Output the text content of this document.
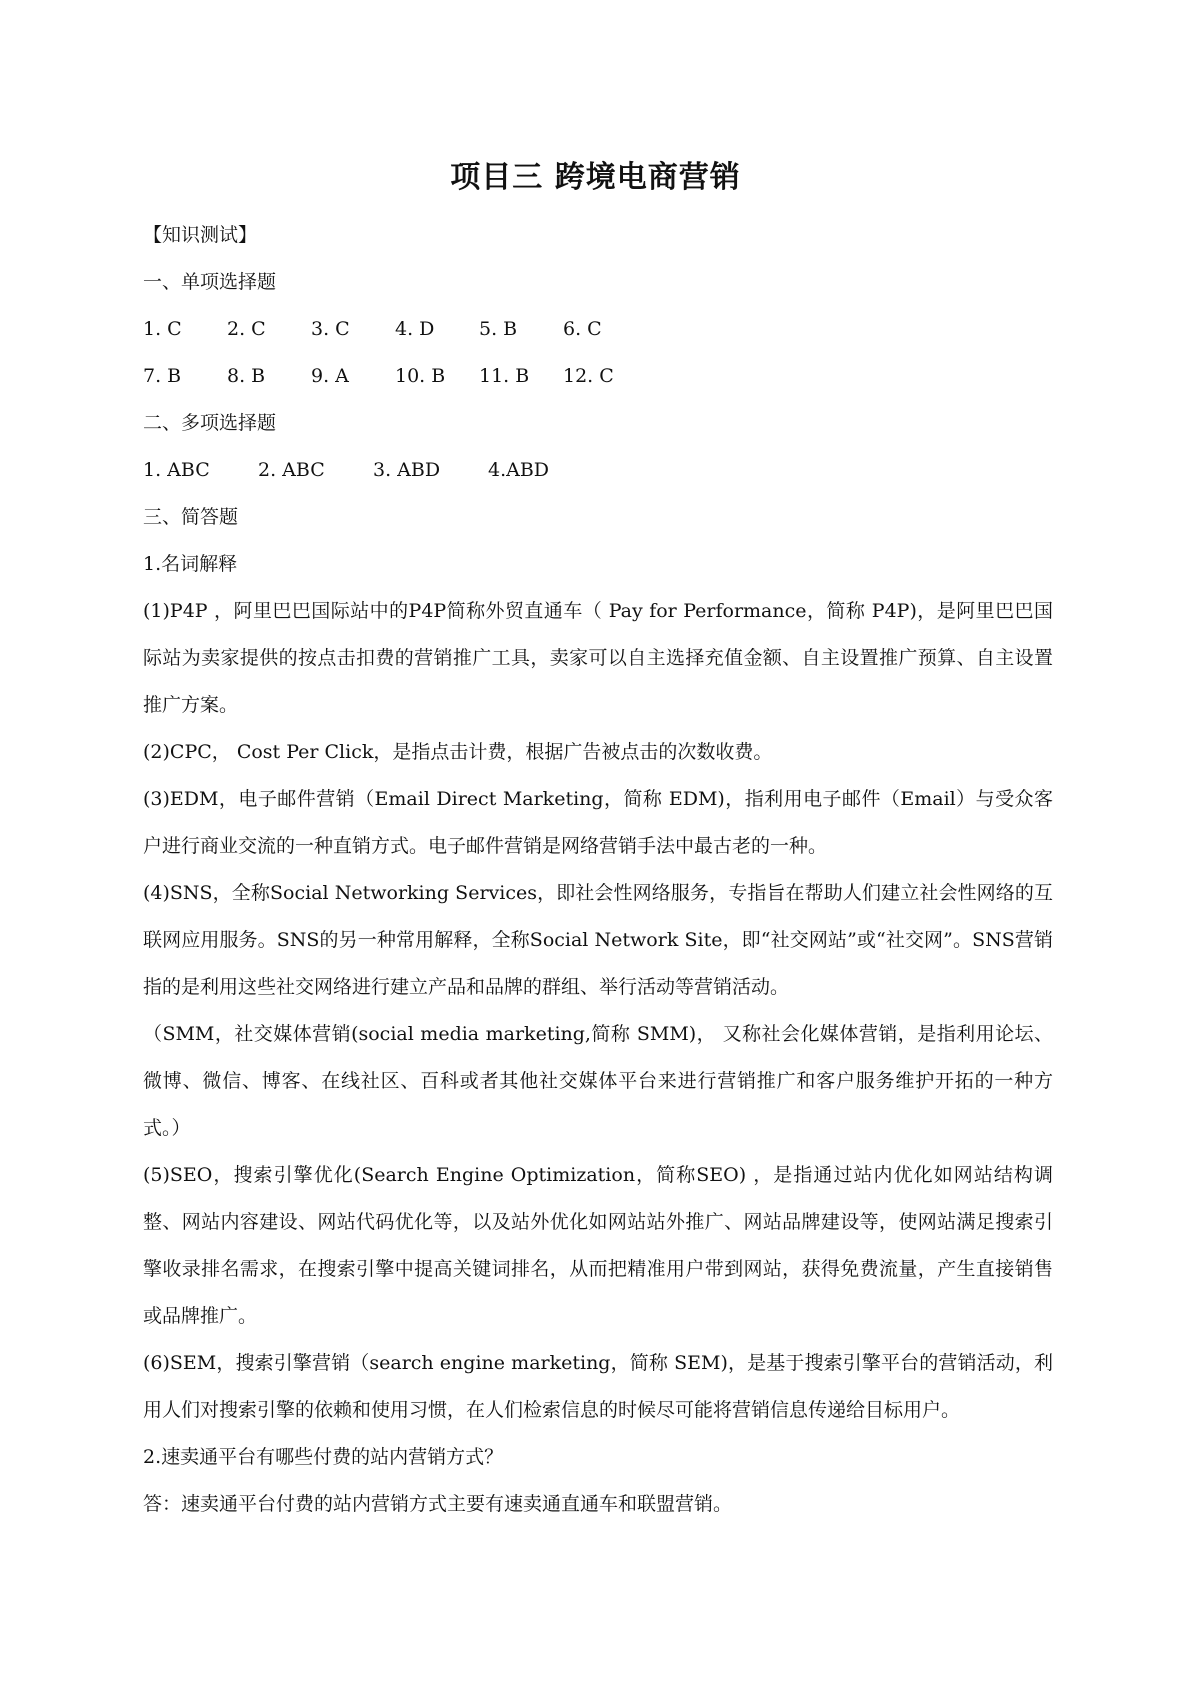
项目三 跨境电商营销

【知识测试】

一、单项选择题

1. C	2. C	3. C	4. D	5. B	6. C
7. B	8. B	9. A	10. B	11. B	12. C

二、多项选择题

1. ABC	2. ABC	3. ABD	4.ABD

三、简答题

1.名词解释

(1)P4P ，阿里巴巴国际站中的P4P简称外贸直通车（ Pay for Performance，简称 P4P)，是阿里巴巴国际站为卖家提供的按点击扣费的营销推广工具，卖家可以自主选择充值金额、自主设置推广预算、自主设置推广方案。

(2)CPC， Cost Per Click，是指点击计费，根据广告被点击的次数收费。

(3)EDM，电子邮件营销（Email Direct Marketing，简称 EDM)，指利用电子邮件（Email）与受众客户进行商业交流的一种直销方式。电子邮件营销是网络营销手法中最古老的一种。

(4)SNS，全称Social Networking Services，即社会性网络服务，专指旨在帮助人们建立社会性网络的互联网应用服务。SNS的另一种常用解释，全称Social Network Site，即“社交网站”或“社交网”。SNS营销指的是利用这些社交网络进行建立产品和品牌的群组、举行活动等营销活动。

（SMM，社交媒体营销(social media marketing,简称 SMM)， 又称社会化媒体营销，是指利用论坛、微博、微信、博客、在线社区、百科或者其他社交媒体平台来进行营销推广和客户服务维护开拓的一种方式。）

(5)SEO，搜索引擎优化(Search Engine Optimization，简称SEO) ，是指通过站内优化如网站结构调整、网站内容建设、网站代码优化等，以及站外优化如网站站外推广、网站品牌建设等，使网站满足搜索引擎收录排名需求，在搜索引擎中提高关键词排名，从而把精准用户带到网站，获得免费流量，产生直接销售或品牌推广。

(6)SEM，搜索引擎营销（search engine marketing，简称 SEM)，是基于搜索引擎平台的营销活动，利用人们对搜索引擎的依赖和使用习惯，在人们检索信息的时候尽可能将营销信息传递给目标用户。

2.速卖通平台有哪些付费的站内营销方式？

答：速卖通平台付费的站内营销方式主要有速卖通直通车和联盟营销。
